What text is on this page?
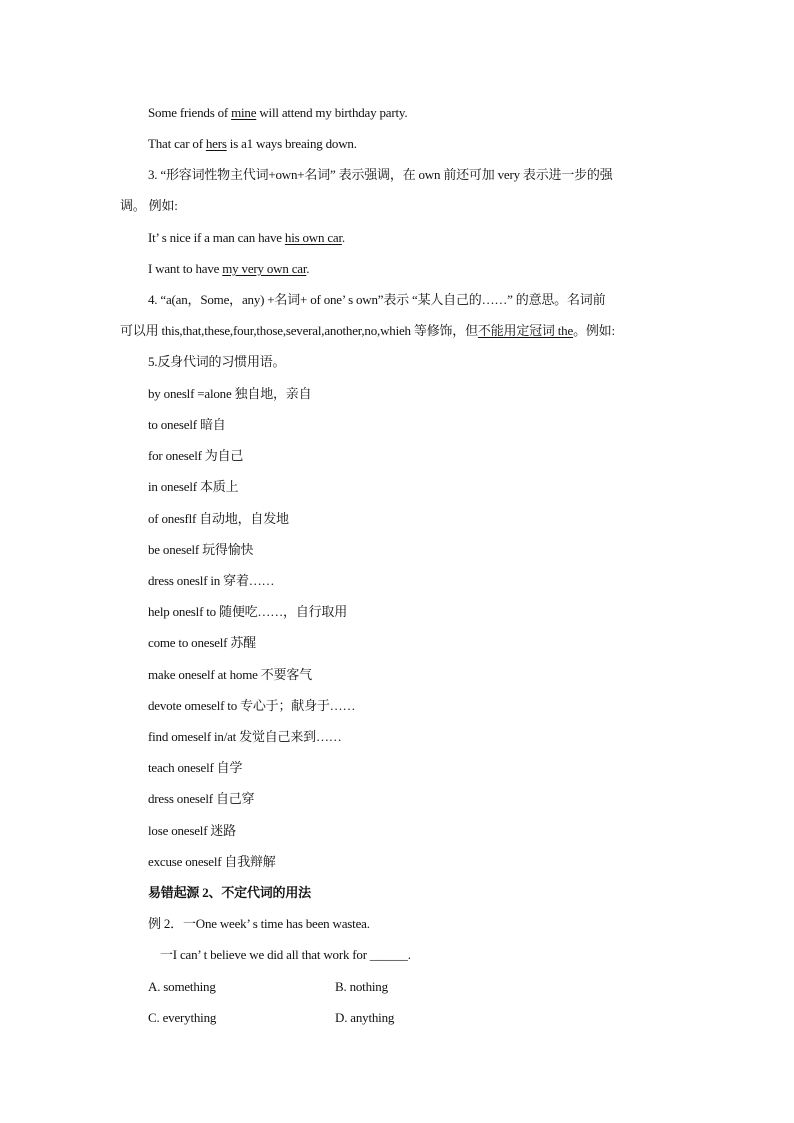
Some friends of mine will attend my birthday party.
That car of hers is a1 ways breaing down.
3. “形容词性物主代词+own+名词” 表示强调，在 own 前还可加 very 表示进一步的强
调。 例如:
It’ s nice if a man can have his own car.
I want to have my very own car.
4. “a(an，Some，any) +名词+ of one’ s own”表示 “某人自己的……” 的意思。名词前
可以用 this,that,these,four,those,several,another,no,whieh 等修饰，但不能用定冠词 the。例如:
5.反身代词的习惯用语。
by oneslf =alone 独自地，亲自
to oneself 暗自
for oneself 为自己
in oneself 本质上
of onesflf 自动地，自发地
be oneself 玩得愉快
dress oneslf in 穿着……
help oneslf to 随便吃……，自行取用
come to oneself 苏醒
make oneself at home 不要客气
devote omeself to 专心于；献身于……
find omeself in/at 发觉自己来到……
teach oneself 自学
dress oneself 自己穿
lose oneself 迷路
excuse oneself 自我辩解
易错起源 2、不定代词的用法
例 2．一One week’ s time has been wastea.
一I can’ t believe we did all that work for ______.
A. something	B. nothing
C. everything	D. anything
